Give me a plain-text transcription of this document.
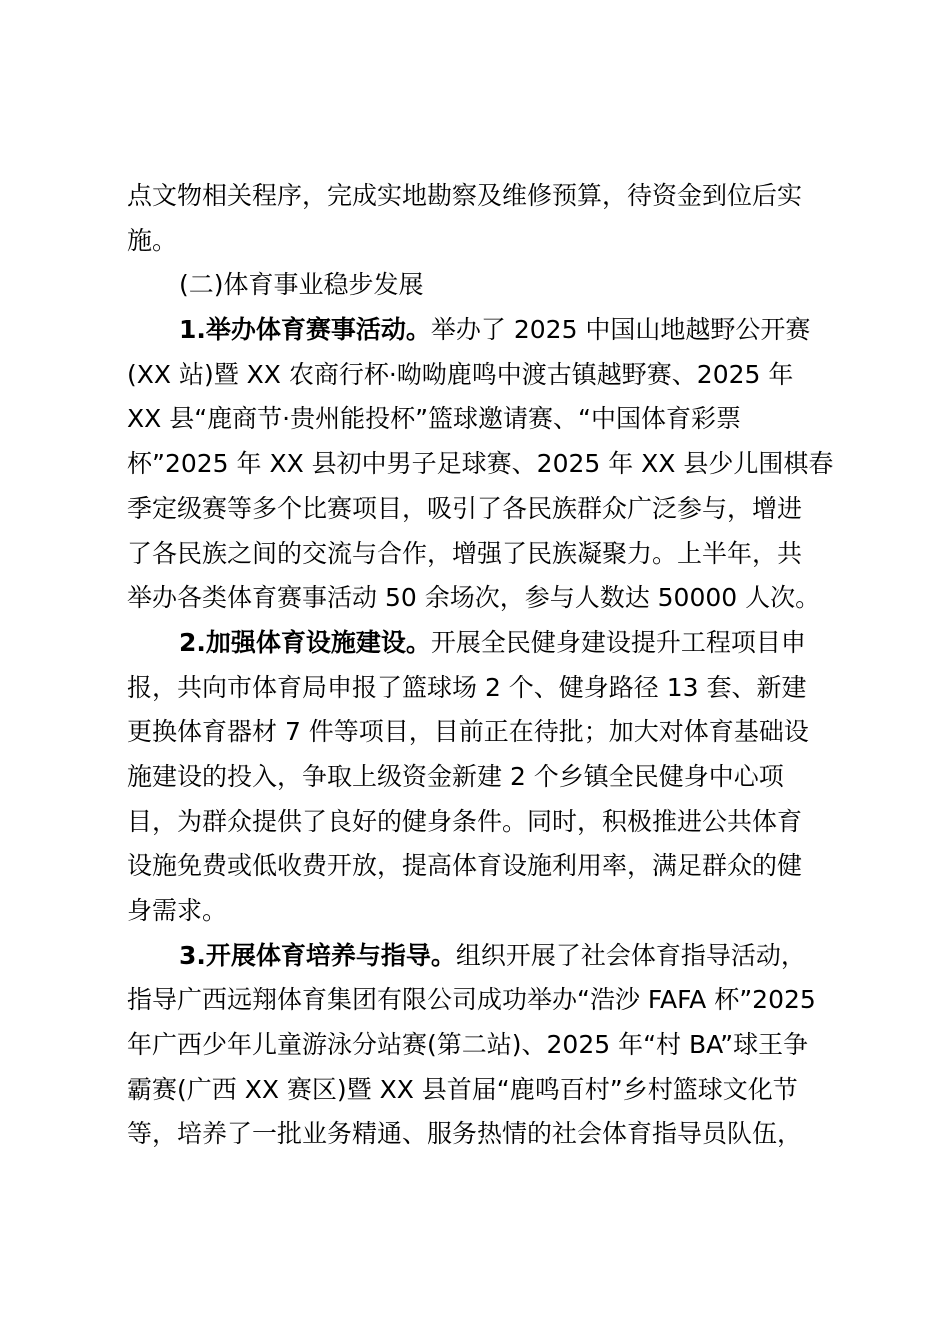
点文物相关程序，完成实地勘察及维修预算，待资金到位后实
施。
(二)体育事业稳步发展
1.举办体育赛事活动。举办了 2025 中国山地越野公开赛
(XX 站)暨 XX 农商行杯·呦呦鹿鸣中渡古镇越野赛、2025 年
XX 县“鹿商节·贵州能投杯”篮球邀请赛、“中国体育彩票
杯”2025 年 XX 县初中男子足球赛、2025 年 XX 县少儿围棋春
季定级赛等多个比赛项目，吸引了各民族群众广泛参与，增进
了各民族之间的交流与合作，增强了民族凝聚力。上半年，共
举办各类体育赛事活动 50 余场次，参与人数达 50000 人次。
2.加强体育设施建设。开展全民健身建设提升工程项目申
报，共向市体育局申报了篮球场 2 个、健身路径 13 套、新建
更换体育器材 7 件等项目，目前正在待批；加大对体育基础设
施建设的投入，争取上级资金新建 2 个乡镇全民健身中心项
目，为群众提供了良好的健身条件。同时，积极推进公共体育
设施免费或低收费开放，提高体育设施利用率，满足群众的健
身需求。
3.开展体育培养与指导。组织开展了社会体育指导活动，
指导广西远翔体育集团有限公司成功举办“浩沙 FAFA 杯”2025
年广西少年儿童游泳分站赛(第二站)、2025 年“村 BA”球王争
霸赛(广西 XX 赛区)暨 XX 县首届“鹿鸣百村”乡村篮球文化节
等，培养了一批业务精通、服务热情的社会体育指导员队伍，
